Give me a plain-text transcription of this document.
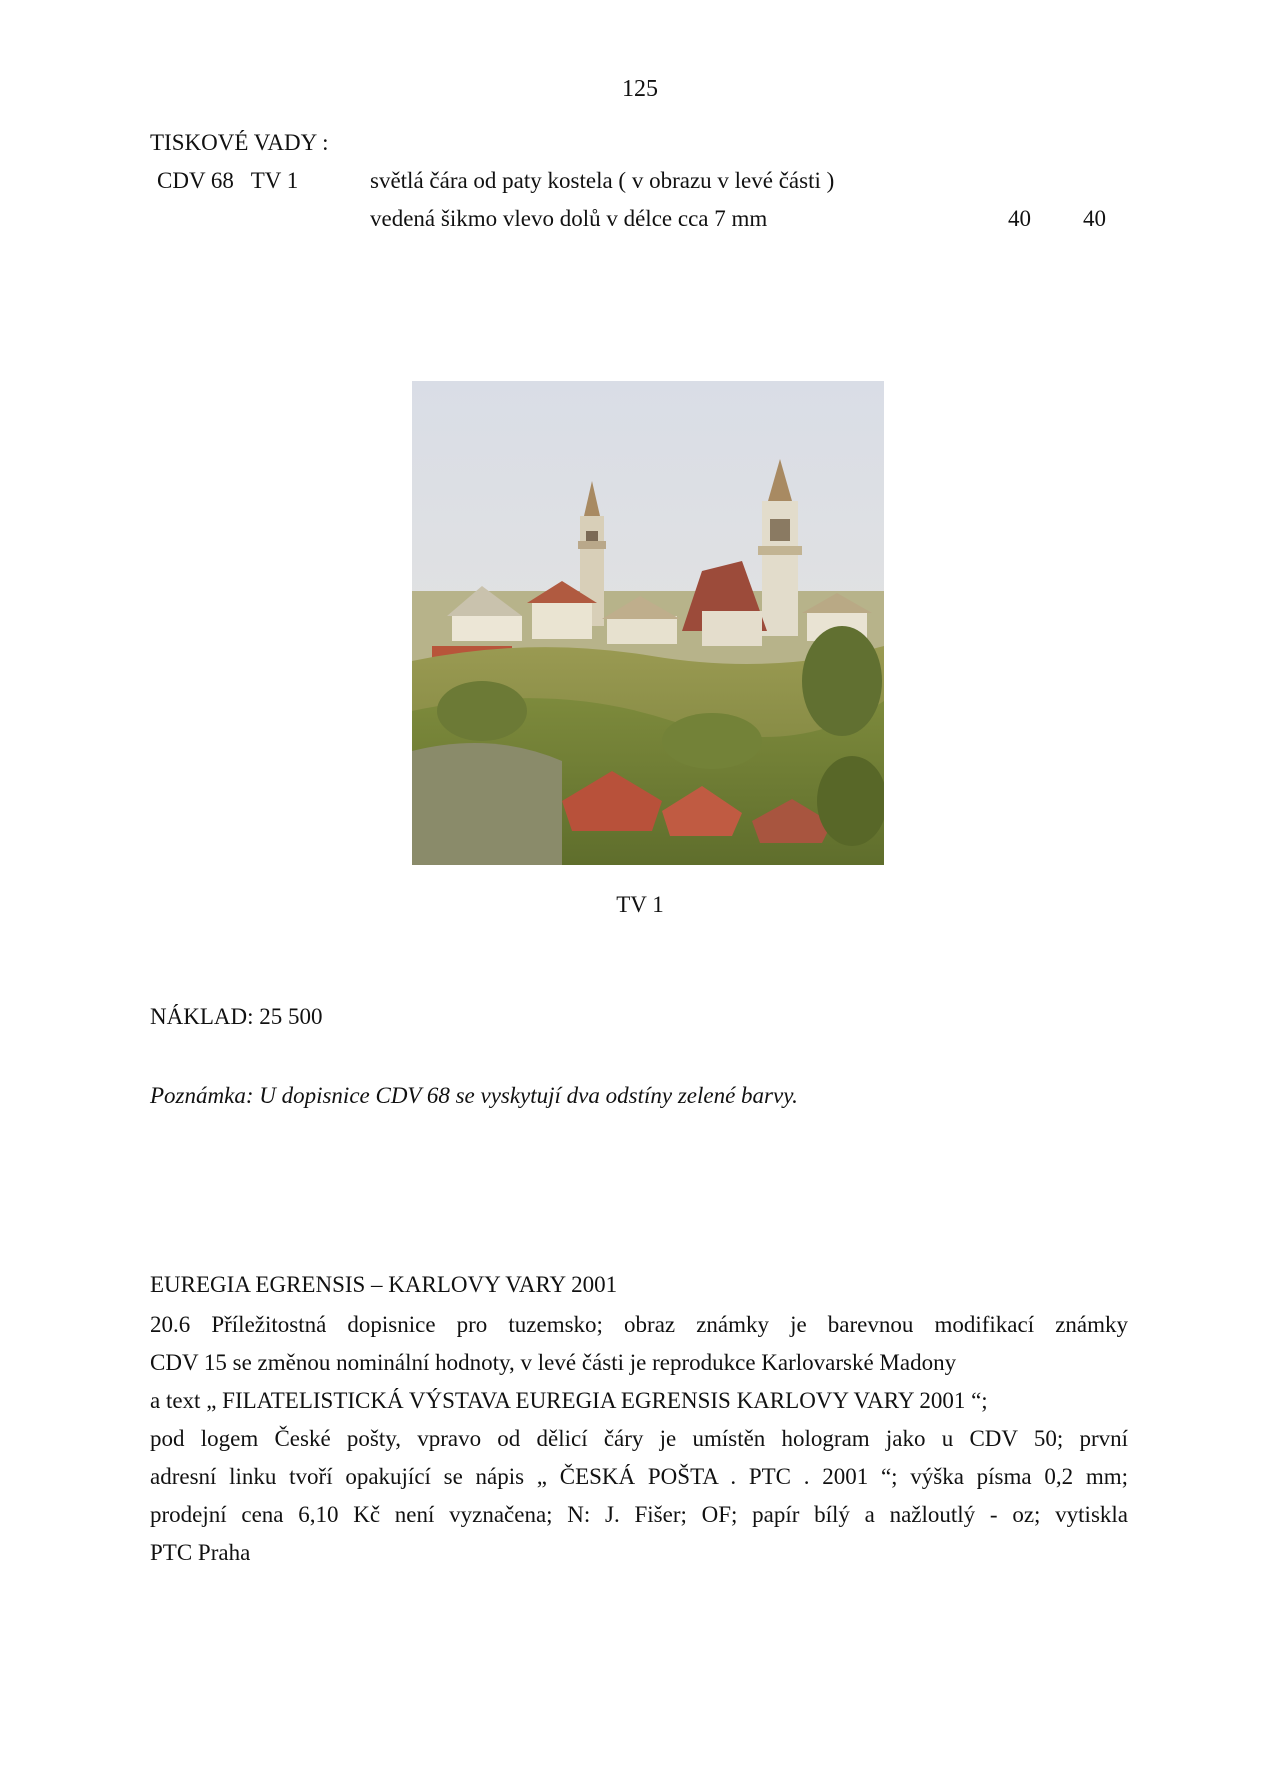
125
TISKOVÉ VADY :
CDV 68   TV 1	světlá čára od paty kostela ( v obrazu v levé části )
vedená šikmo vlevo dolů v délce cca 7 mm	40 40
TV 1
NÁKLAD: 25 500
Poznámka: U dopisnice CDV 68 se vyskytují dva odstíny zelené barvy.
EUREGIA EGRENSIS – KARLOVY VARY 2001
20.6 Příležitostná dopisnice pro tuzemsko; obraz známky je barevnou modifikací známky
CDV 15 se změnou nominální hodnoty, v levé části je reprodukce Karlovarské Madony
a text „ FILATELISTICKÁ VÝSTAVA EUREGIA EGRENSIS KARLOVY VARY 2001 “;
pod logem České pošty, vpravo od dělicí čáry je umístěn hologram jako u CDV 50; první
adresní linku tvoří opakující se nápis „ ČESKÁ POŠTA . PTC . 2001 “; výška písma 0,2 mm;
prodejní cena 6,10 Kč není vyznačena; N: J. Fišer; OF; papír bílý a nažloutlý - oz; vytiskla
PTC Praha
